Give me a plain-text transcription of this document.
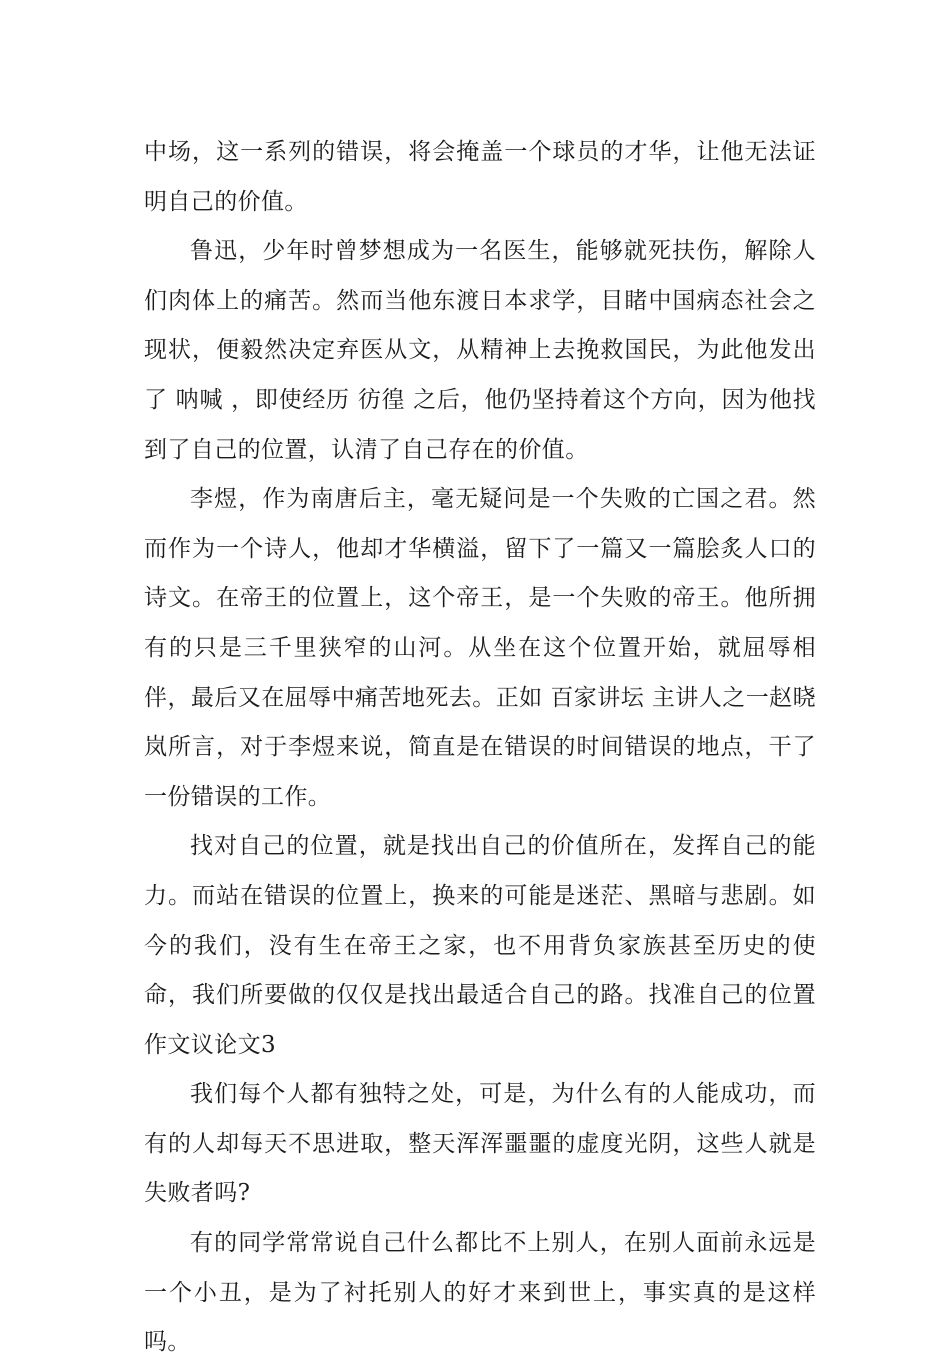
中场，这一系列的错误，将会掩盖一个球员的才华，让他无法证明自己的价值。

鲁迅，少年时曾梦想成为一名医生，能够就死扶伤，解除人们肉体上的痛苦。然而当他东渡日本求学，目睹中国病态社会之现状，便毅然决定弃医从文，从精神上去挽救国民，为此他发出了 呐喊 ，即使经历 彷徨 之后，他仍坚持着这个方向，因为他找到了自己的位置，认清了自己存在的价值。

李煜，作为南唐后主，毫无疑问是一个失败的亡国之君。然而作为一个诗人，他却才华横溢，留下了一篇又一篇脍炙人口的诗文。在帝王的位置上，这个帝王，是一个失败的帝王。他所拥有的只是三千里狭窄的山河。从坐在这个位置开始，就屈辱相伴，最后又在屈辱中痛苦地死去。正如 百家讲坛 主讲人之一赵晓岚所言，对于李煜来说，简直是在错误的时间错误的地点，干了一份错误的工作。

找对自己的位置，就是找出自己的价值所在，发挥自己的能力。而站在错误的位置上，换来的可能是迷茫、黑暗与悲剧。如今的我们，没有生在帝王之家，也不用背负家族甚至历史的使命，我们所要做的仅仅是找出最适合自己的路。找准自己的位置作文议论文3

我们每个人都有独特之处，可是，为什么有的人能成功，而有的人却每天不思进取，整天浑浑噩噩的虚度光阴，这些人就是失败者吗?

有的同学常常说自己什么都比不上别人，在别人面前永远是一个小丑，是为了衬托别人的好才来到世上，事实真的是这样吗。
